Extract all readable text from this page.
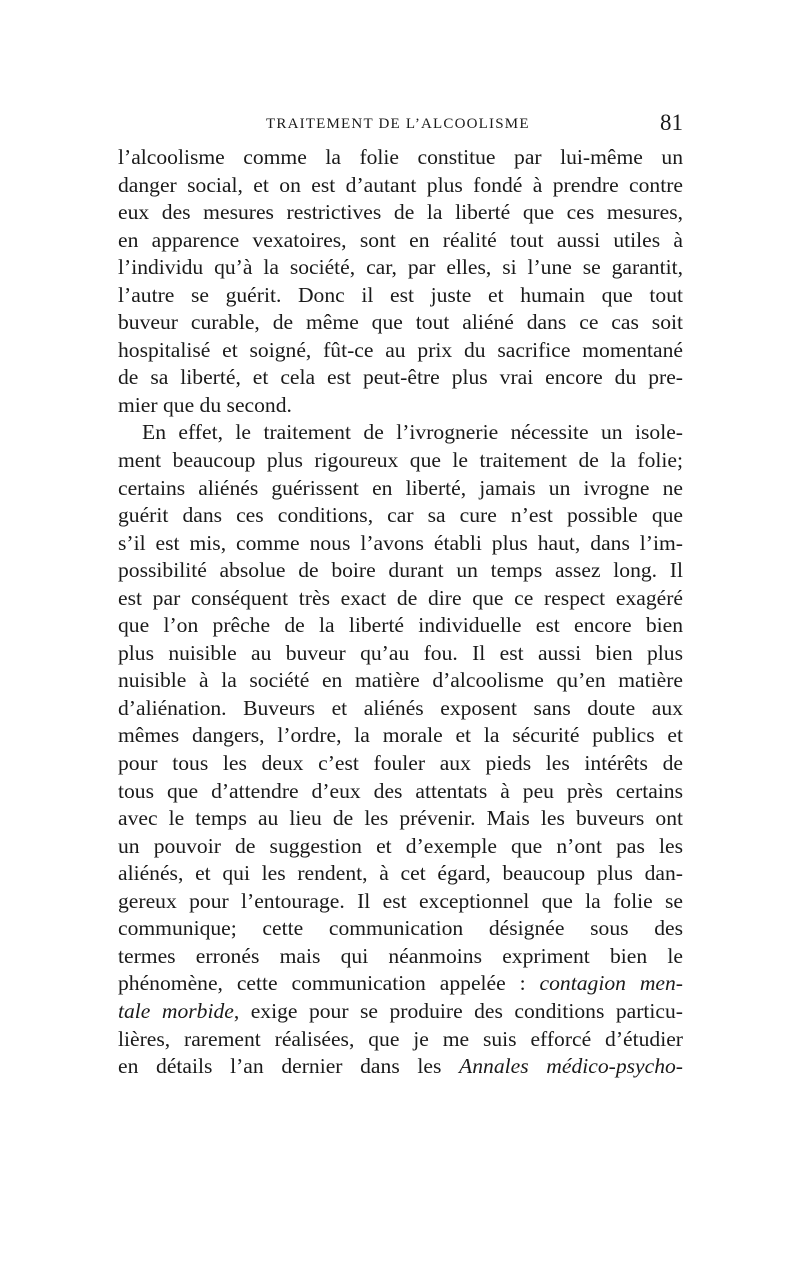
TRAITEMENT DE L’ALCOOLISME	81
l’alcoolisme comme la folie constitue par lui-même un
danger social, et on est d’autant plus fondé à prendre contre
eux des mesures restrictives de la liberté que ces mesures,
en apparence vexatoires, sont en réalité tout aussi utiles à
l’individu qu’à la société, car, par elles, si l’une se garantit,
l’autre se guérit. Donc il est juste et humain que tout
buveur curable, de même que tout aliéné dans ce cas soit
hospitalisé et soigné, fût-ce au prix du sacrifice momentané
de sa liberté, et cela est peut-être plus vrai encore du pre-
mier que du second.
En effet, le traitement de l’ivrognerie nécessite un isole-
ment beaucoup plus rigoureux que le traitement de la folie;
certains aliénés guérissent en liberté, jamais un ivrogne ne
guérit dans ces conditions, car sa cure n’est possible que
s’il est mis, comme nous l’avons établi plus haut, dans l’im-
possibilité absolue de boire durant un temps assez long. Il
est par conséquent très exact de dire que ce respect exagéré
que l’on prêche de la liberté individuelle est encore bien
plus nuisible au buveur qu’au fou. Il est aussi bien plus
nuisible à la société en matière d’alcoolisme qu’en matière
d’aliénation. Buveurs et aliénés exposent sans doute aux
mêmes dangers, l’ordre, la morale et la sécurité publics et
pour tous les deux c’est fouler aux pieds les intérêts de
tous que d’attendre d’eux des attentats à peu près certains
avec le temps au lieu de les prévenir. Mais les buveurs ont
un pouvoir de suggestion et d’exemple que n’ont pas les
aliénés, et qui les rendent, à cet égard, beaucoup plus dan-
gereux pour l’entourage. Il est exceptionnel que la folie se
communique; cette communication désignée sous des
termes erronés mais qui néanmoins expriment bien le
phénomène, cette communication appelée : contagion men-
tale morbide, exige pour se produire des conditions particu-
lières, rarement réalisées, que je me suis efforcé d’étudier
en détails l’an dernier dans les Annales médico-psycho-
